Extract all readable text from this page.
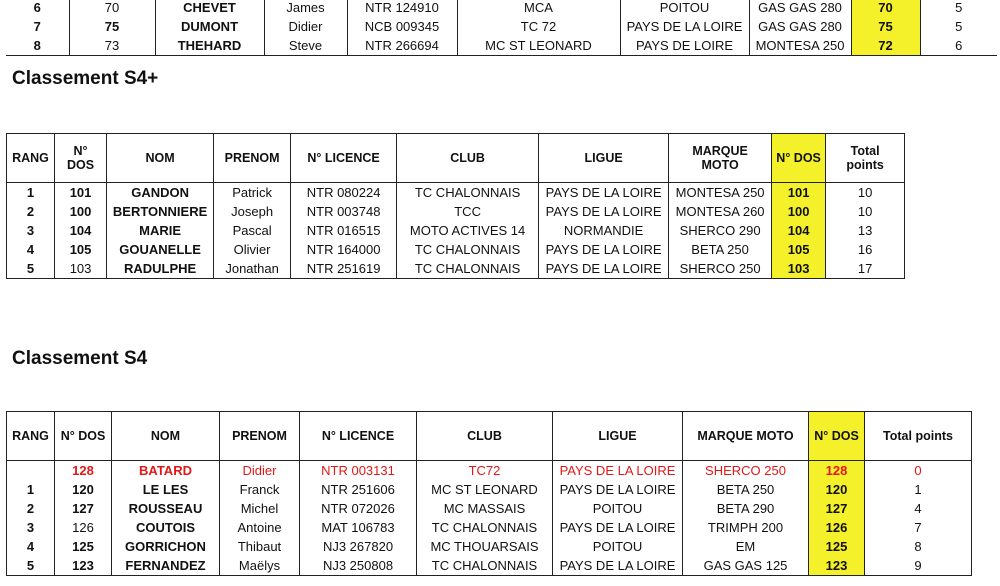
6	70	CHEVET	James	NTR 124910	MCA	POITOU	GAS GAS 280	70	5
7	75	DUMONT	Didier	NCB 009345	TC 72	PAYS DE LA LOIRE	GAS GAS 280	75	5
8	73	THEHARD	Steve	NTR 266694	MC ST LEONARD	PAYS DE LOIRE	MONTESA 250	72	6
Classement S4+
RANG	N° DOS	NOM	PRENOM	N° LICENCE	CLUB	LIGUE	MARQUE MOTO	N° DOS	Total points
1	101	GANDON	Patrick	NTR 080224	TC CHALONNAIS	PAYS DE LA LOIRE	MONTESA 250	101	10
2	100	BERTONNIERE	Joseph	NTR 003748	TCC	PAYS DE LA LOIRE	MONTESA 260	100	10
3	104	MARIE	Pascal	NTR 016515	MOTO ACTIVES 14	NORMANDIE	SHERCO 290	104	13
4	105	GOUANELLE	Olivier	NTR 164000	TC CHALONNAIS	PAYS DE LA LOIRE	BETA 250	105	16
5	103	RADULPHE	Jonathan	NTR 251619	TC CHALONNAIS	PAYS DE LA LOIRE	SHERCO 250	103	17
Classement S4
RANG	N° DOS	NOM	PRENOM	N° LICENCE	CLUB	LIGUE	MARQUE MOTO	N° DOS	Total points
	128	BATARD	Didier	NTR 003131	TC72	PAYS DE LA LOIRE	SHERCO 250	128	0
1	120	LE LES	Franck	NTR 251606	MC ST LEONARD	PAYS DE LA LOIRE	BETA 250	120	1
2	127	ROUSSEAU	Michel	NTR 072026	MC MASSAIS	POITOU	BETA 290	127	4
3	126	COUTOIS	Antoine	MAT 106783	TC CHALONNAIS	PAYS DE LA LOIRE	TRIMPH 200	126	7
4	125	GORRICHON	Thibaut	NJ3 267820	MC THOUARSAIS	POITOU	EM	125	8
5	123	FERNANDEZ	Maëlys	NJ3 250808	TC CHALONNAIS	PAYS DE LA LOIRE	GAS GAS 125	123	9
